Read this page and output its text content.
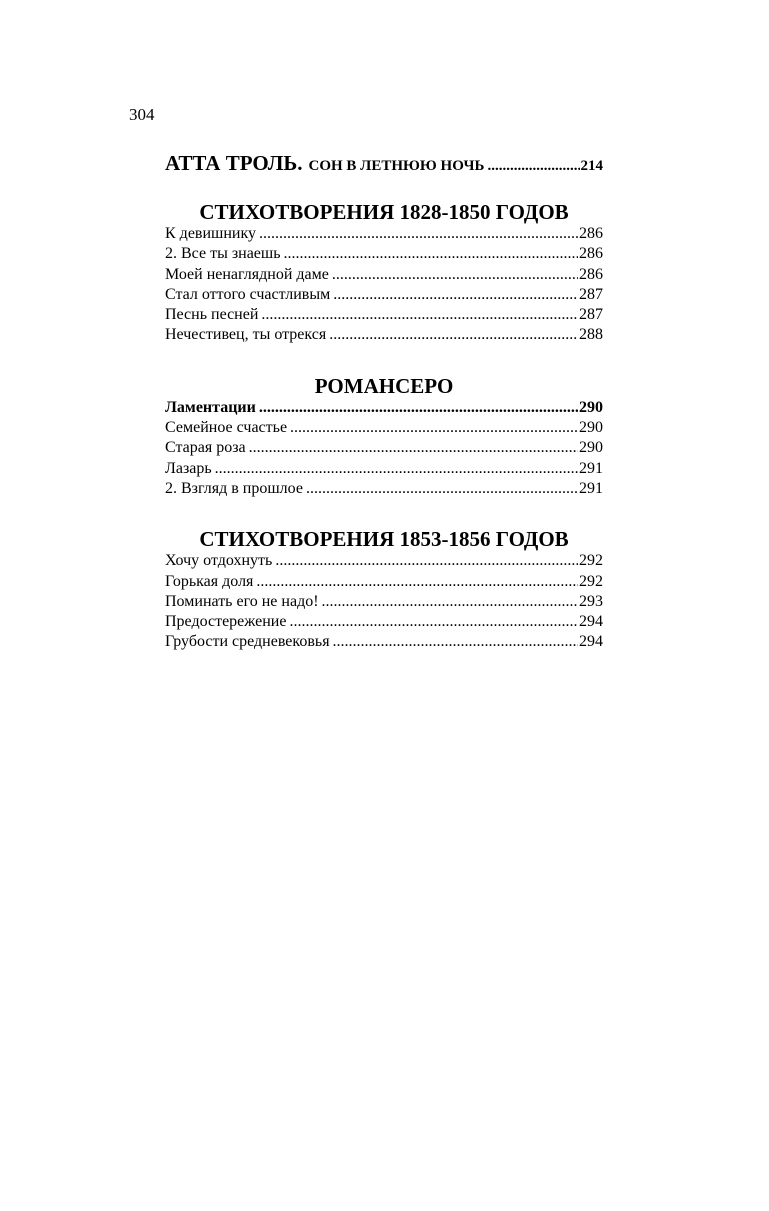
304
АТТА ТРОЛЬ. СОН В ЛЕТНЮЮ НОЧЬ .....	214
СТИХОТВОРЕНИЯ 1828-1850 ГОДОВ
К девишнику .....	286
2. Все ты знаешь .....	286
Моей ненаглядной даме .....	286
Стал оттого счастливым .....	287
Песнь песней .....	287
Нечестивец, ты отрекся .....	288
РОМАНСЕРО
Ламентации .....	290
Семейное счастье .....	290
Старая роза .....	290
Лазарь .....	291
2. Взгляд в прошлое .....	291
СТИХОТВОРЕНИЯ 1853-1856 ГОДОВ
Хочу отдохнуть .....	292
Горькая доля .....	292
Поминать его не надо! .....	293
Предостережение .....	294
Грубости средневековья .....	294
